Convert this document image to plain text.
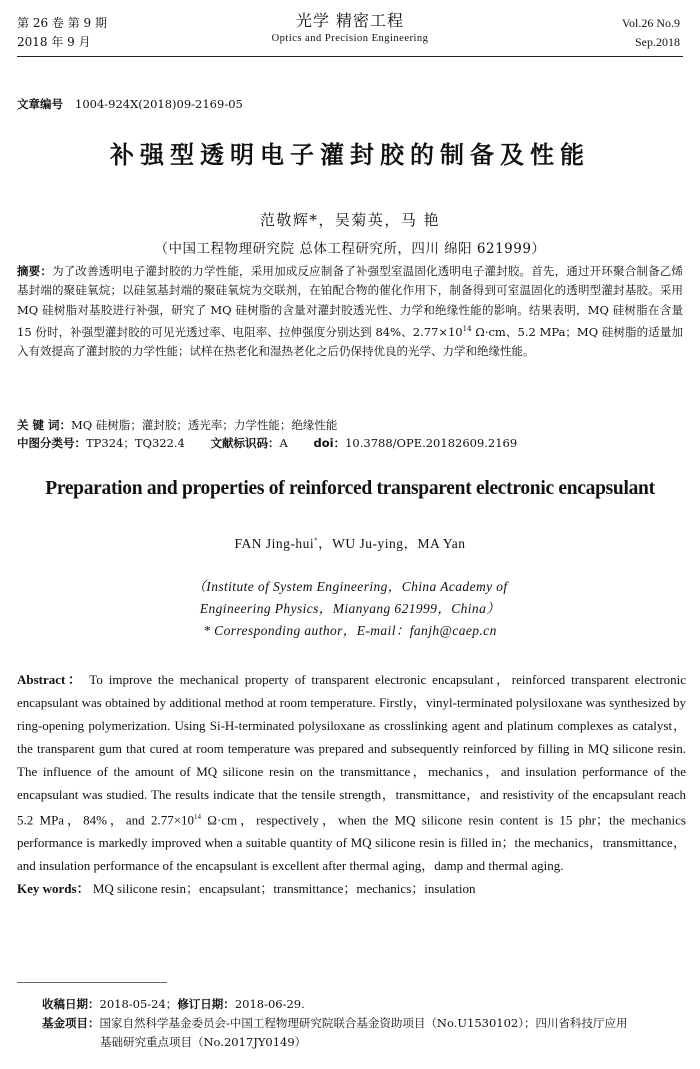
第 26 卷 第 9 期
2018 年 9 月
光学 精密工程
Optics and Precision Engineering
Vol.26 No.9
Sep.2018
文章编号 1004-924X(2018)09-2169-05
补强型透明电子灌封胶的制备及性能
范敬辉*，吴菊英，马 艳
（中国工程物理研究院 总体工程研究所，四川 绵阳 621999）
摘要：为了改善透明电子灌封胶的力学性能，采用加成反应制备了补强型室温固化透明电子灌封胶。首先，通过开环聚合制备乙烯基封端的聚硅氧烷；以硅氢基封端的聚硅氧烷为交联剂，在铂配合物的催化作用下，制备得到可室温固化的透明型灌封基胶。采用 MQ 硅树脂对基胶进行补强，研究了 MQ 硅树脂的含量对灌封胶透光性、力学和绝缘性能的影响。结果表明，MQ 硅树脂在含量 15 份时，补强型灌封胶的可见光透过率、电阻率、拉伸强度分别达到 84%、$2.77\times 10^{14}$ Ω·cm、5.2 MPa；MQ 硅树脂的适量加入有效提高了灌封胶的力学性能；试样在热老化和湿热老化之后仍保持优良的光学、力学和绝缘性能。
关 键 词：MQ 硅树脂；灌封胶；透光率；力学性能；绝缘性能
中图分类号：TP324；TQ322.4 文献标识码：A doi：10.3788/OPE.20182609.2169
Preparation and properties of reinforced transparent electronic encapsulant
FAN Jing-hui*，WU Ju-ying，MA Yan
（Institute of System Engineering，China Academy of
Engineering Physics，Mianyang 621999，China）
* Corresponding author，E-mail：fanjh@caep.cn
Abstract： To improve the mechanical property of transparent electronic encapsulant，reinforced transparent electronic encapsulant was obtained by additional method at room temperature. Firstly，vinyl-terminated polysiloxane was synthesized by ring-opening polymerization. Using Si-H-terminated polysiloxane as crosslinking agent and platinum complexes as catalyst，the transparent gum that cured at room temperature was prepared and subsequently reinforced by filling in MQ silicone resin. The influence of the amount of MQ silicone resin on the transmittance，mechanics，and insulation performance of the encapsulant was studied. The results indicate that the tensile strength，transmittance，and resistivity of the encapsulant reach 5.2 MPa，84%，and $2.77\times 10^{14}$ Ω·cm，respectively，when the MQ silicone resin content is 15 phr；the mechanics performance is markedly improved when a suitable quantity of MQ silicone resin is filled in；the mechanics，transmittance，and insulation performance of the encapsulant is excellent after thermal aging，damp and thermal aging.
Key words： MQ silicone resin；encapsulant；transmittance；mechanics；insulation
收稿日期：2018-05-24；修订日期：2018-06-29.
基金项目：国家自然科学基金委员会-中国工程物理研究院联合基金资助项目（No.U1530102）；四川省科技厅应用
基础研究重点项目（No.2017JY0149）
